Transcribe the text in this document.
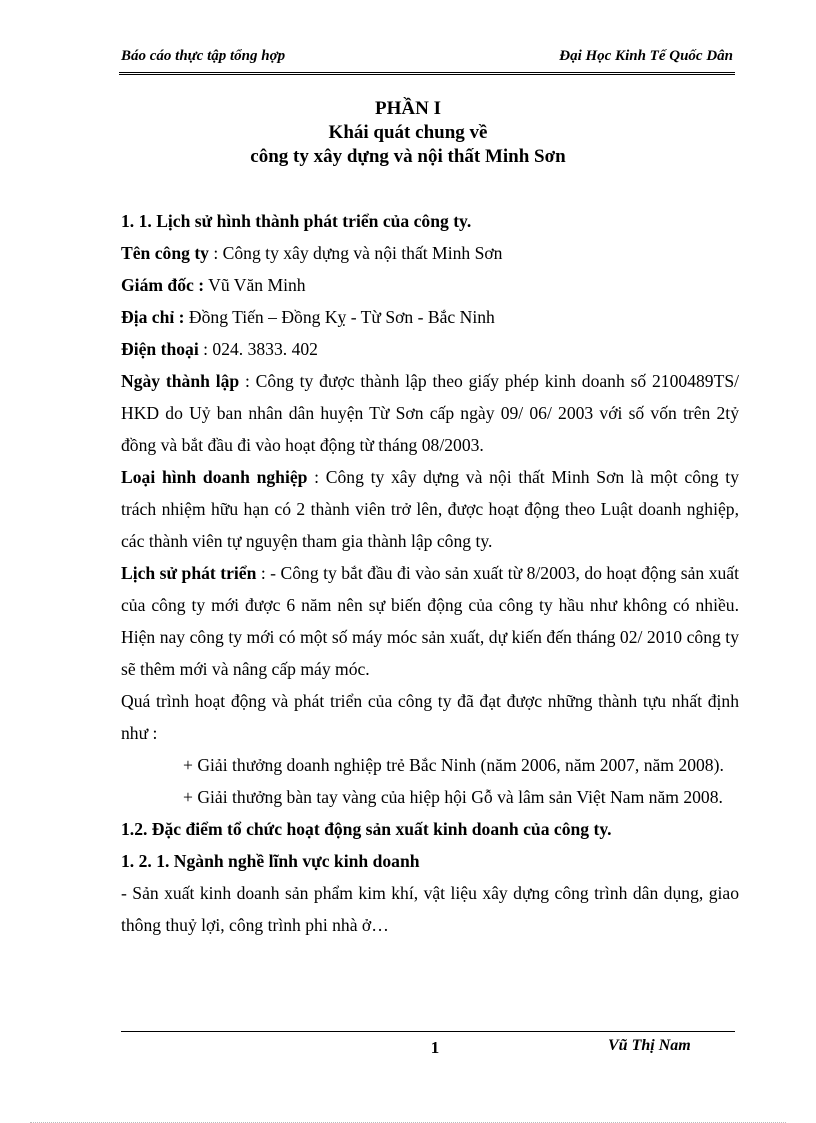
Báo cáo thực tập tổng hợp	Đại Học Kinh Tế Quốc Dân
PHẦN I
Khái quát chung về
công ty xây dựng và nội thất Minh Sơn

1. 1. Lịch sử hình thành phát triển của công ty.

Tên công ty : Công ty xây dựng và nội thất Minh Sơn

Giám đốc : Vũ Văn Minh

Địa chỉ : Đồng Tiến – Đồng Kỵ - Từ Sơn - Bắc Ninh

Điện thoại : 024. 3833. 402

Ngày thành lập : Công ty được thành lập theo giấy phép kinh doanh số 2100489TS/ HKD do Uỷ ban nhân dân huyện Từ Sơn cấp ngày 09/ 06/ 2003 với số vốn trên 2tỷ đồng và bắt đầu đi vào hoạt động từ tháng 08/2003.

Loại hình doanh nghiệp : Công ty xây dựng và nội thất Minh Sơn là một công ty trách nhiệm hữu hạn có 2 thành viên trở lên, được hoạt động theo Luật doanh nghiệp, các thành viên tự nguyện tham gia thành lập công ty.

Lịch sử phát triển : - Công ty bắt đầu đi vào sản xuất từ 8/2003, do hoạt động sản xuất của công ty mới được 6 năm nên sự biến động của công ty hầu như không có nhiều. Hiện nay công ty mới có một số máy móc sản xuất, dự kiến đến tháng 02/ 2010 công ty sẽ thêm mới và nâng cấp máy móc.

Quá trình hoạt động và phát triển của công ty đã đạt được những thành tựu nhất định như :

+ Giải thưởng doanh nghiệp trẻ Bắc Ninh (năm 2006, năm 2007, năm 2008).

+ Giải thưởng bàn tay vàng của hiệp hội Gỗ và lâm sản Việt Nam năm 2008.

1.2. Đặc điểm tổ chức hoạt động sản xuất kinh doanh của công ty.

1. 2. 1. Ngành nghề lĩnh vực kinh doanh

- Sản xuất kinh doanh sản phẩm kim khí, vật liệu xây dựng công trình dân dụng, giao thông thuỷ lợi, công trình phi nhà ở…

1	Vũ Thị Nam
